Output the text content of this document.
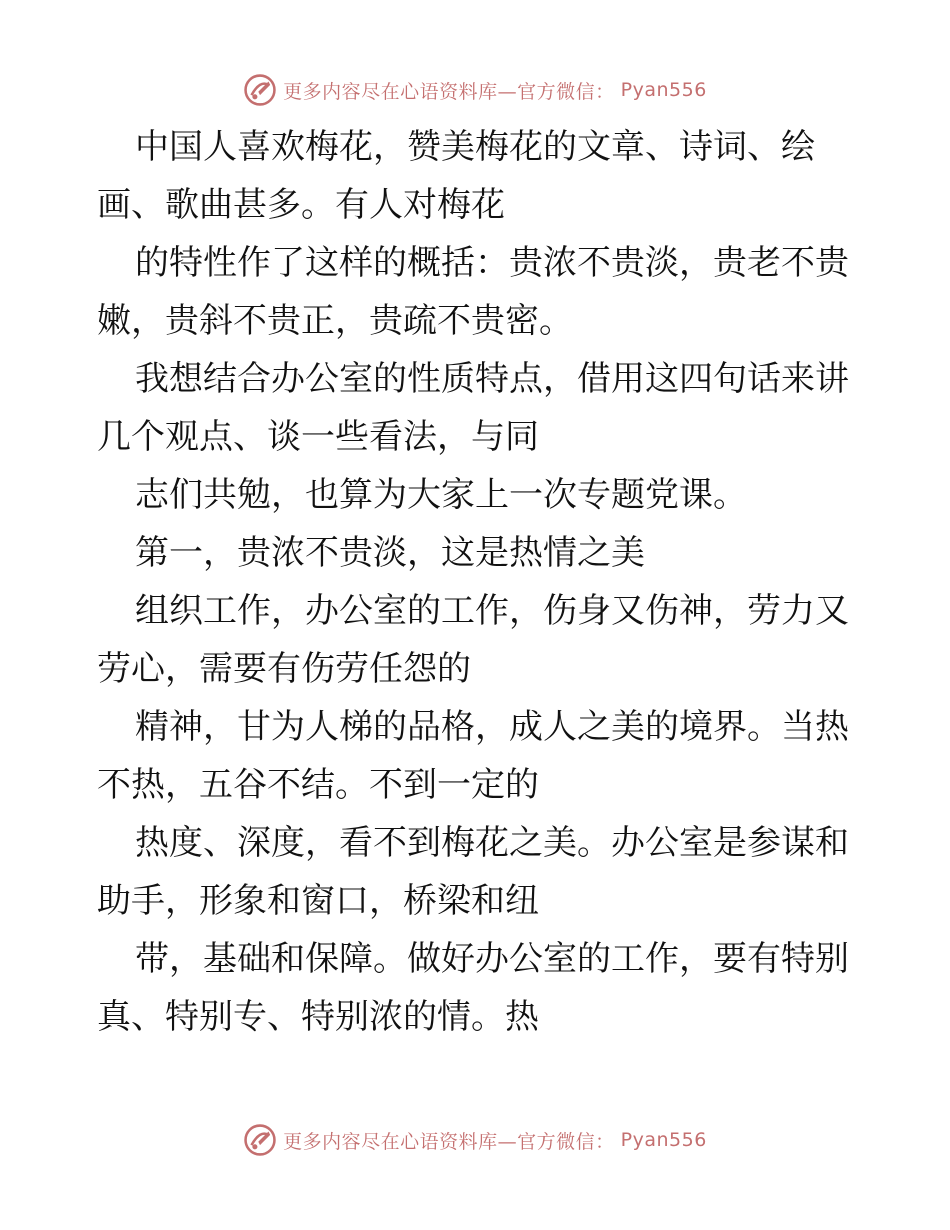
更多内容尽在心语资料库—官方微信： Pyan556

中国人喜欢梅花，赞美梅花的文章、诗词、绘画、歌曲甚多。有人对梅花

的特性作了这样的概括：贵浓不贵淡，贵老不贵嫩，贵斜不贵正，贵疏不贵密。

我想结合办公室的性质特点，借用这四句话来讲几个观点、谈一些看法，与同

志们共勉，也算为大家上一次专题党课。

第一，贵浓不贵淡，这是热情之美

组织工作，办公室的工作，伤身又伤神，劳力又劳心，需要有伤劳任怨的

精神，甘为人梯的品格，成人之美的境界。当热不热，五谷不结。不到一定的

热度、深度，看不到梅花之美。办公室是参谋和助手，形象和窗口，桥梁和纽

带，基础和保障。做好办公室的工作，要有特别真、特别专、特别浓的情。热

更多内容尽在心语资料库—官方微信： Pyan556
